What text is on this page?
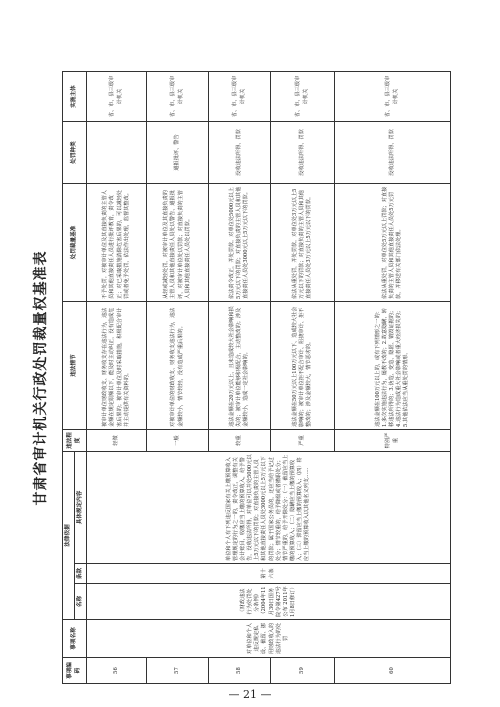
甘肃省审计机关行政处罚裁量权基准表
事项编码	事项名称	法律依据			违法程度	违法情节	处罚裁量基准	处罚种类	实施主体
		名称	条款	具体规定内容					
56	对单位和个人违反规定私设、截留、挪用财政收入的违法行为的处罚	《财政违法行为处罚处分条例》（2004年11月30日国务院令第427号公布 2011年1月8日修订）	第十六条	单位和个人有下列违反国家有关上缴预算收入管理规定的行为之一的，责令改正，调整有关会计账目，收缴应当上缴的预算收入，给予警告，没收违法所得，对单位可以并处5000元以上5万元以下的罚款；对直接负责的主管人员和其他直接责任人员处3000元以上5万元以下的罚款；属于国家公务员的，还应当给予记过处分；情节较重的，给予降级或者撤职处分；情节严重的，给予开除处分：（一）截留应当上缴的预算收入；（二）隐瞒应当上缴的预算收入；（三）滞留应当上缴的预算收入；（四）将应当上缴的预算收入以其他名义列支……	轻微	被审计单位财政收支、财务收支存在违法行为，违法金额在规定限额以下，能及时主动纠正，没有造成危害后果的；被审计单位及时采取措施，积极配合审计并主动提供有关资料的。	不予处罚。对被审计单位及其直接负责的主管人员和其他直接责任人员进行批评教育，责令改正；对已采取措施消除危害后果的，可以减轻处罚或者免予处罚，依法作出处理，监督其整改。		省、市、县三级审计机关
57					一般	对被审计单位的财政收支、财务收支违法行为，违法金额较小，情节较轻，没有造成严重后果的。	从轻或减轻处罚。对被审计单位及其直接负责的主管人员和其他直接责任人员处以警告、通报批评，对被审计单位处以罚款；对直接负责的主管人员和其他直接责任人员处以罚款。	通报批评、警告	省、市、县三级审计机关
58					较重	违法金额在20万元以上、且未造成较大社会影响和损失的；被审计单位能够积极配合，主动整改的；涉及金额较小，造成一定社会影响的。	依法责令改正，并处罚款。对单位处5000元以上5万元以下的罚款；对直接负责的主管人员和其他直接责任人员处3000元以上5万元以下的罚款。	没收违法所得、罚款	省、市、县三级审计机关
59					严重	违法金额在50万元以上100万元以下、造成较大社会影响的；被审计单位拒不配合审计、阻挠审计、拒不整改的；涉及金额较大，情节恶劣的。	依法从重处罚，并处罚款。对单位处3万元以上5万元以下的罚款；对直接负责的主管人员和其他直接责任人员处3万元以上5万元以下的罚款。	没收违法所得、罚款	省、市、县三级审计机关
60					特别严重	违法金额在100万元以上的，或有下列情形之一的：1.多次实施违法行为，屡教不改的；2.故意隐瞒、转移违法所得的；3.伪造、变造、隐匿、销毁证据的；4.违法行为造成重大社会影响或者重大经济损失的；5.其他依法应当从重处罚的情形。	依法从重处罚，对单位处5万元以上罚款；对直接负责的主管人员和其他直接责任人员处5万元罚款，并移送有关部门依法处理。	没收违法所得、罚款	省、市、县三级审计机关
— 21 —
